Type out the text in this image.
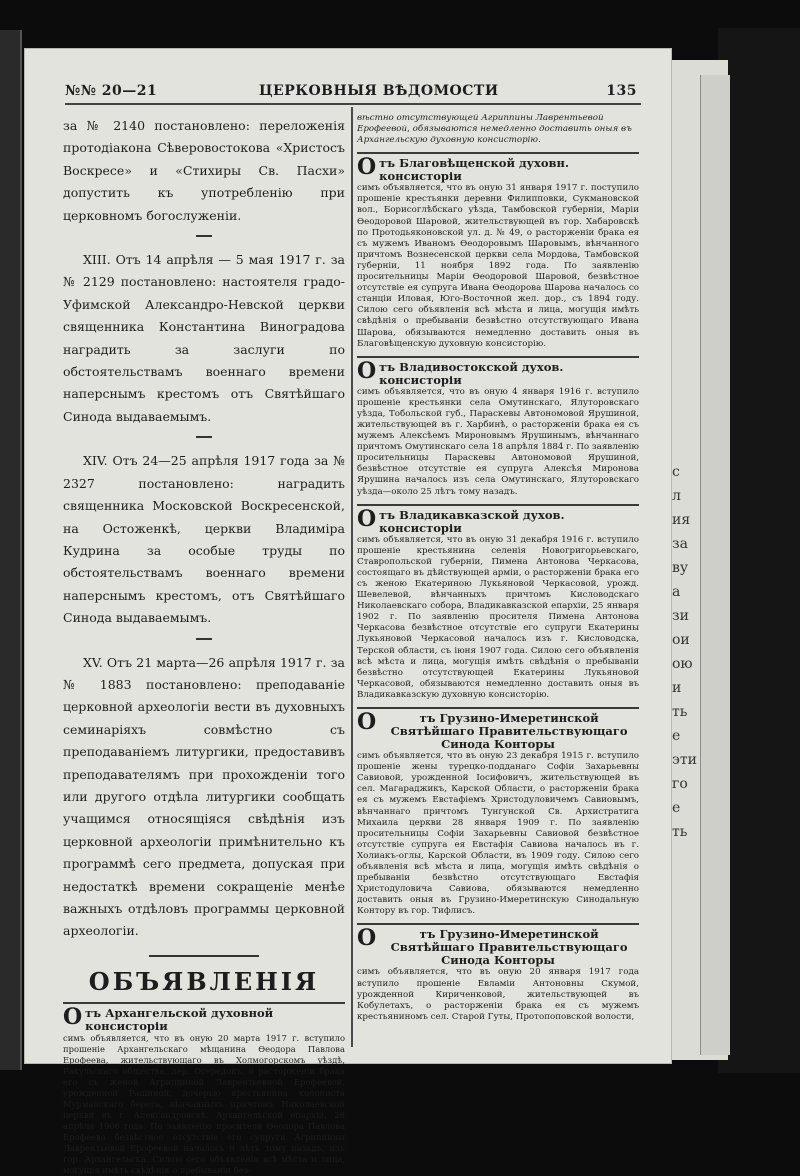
с
л
ия
за
ву
а
зи
ои
ою
и
ть
е
эти
го
е
ть
№№ 20—21	ЦЕРКОВНЫЯ ВѢДОМОСТИ	135

за № 2140 постановлено: переложенія протодіакона Сѣверовостокова «Христосъ Воскресе» и «Стихиры Св. Пасхи» допустить къ употребленію при церковномъ богослуженіи.

XIII. Отъ 14 апрѣля — 5 мая 1917 г. за № 2129 постановлено: настоятеля градо-Уфимской Александро-Невской церкви священника Константина Виноградова наградить за заслуги по обстоятельствамъ военнаго времени наперснымъ крестомъ отъ Святѣйшаго Синода выдаваемымъ.

XIV. Отъ 24—25 апрѣля 1917 года за № 2327 постановлено: наградить священника Московской Воскресенской, на Остоженкѣ, церкви Владиміра Кудрина за особые труды по обстоятельствамъ военнаго времени наперснымъ крестомъ, отъ Святѣйшаго Синода выдаваемымъ.

XV. Отъ 21 марта—26 апрѣля 1917 г. за № 1883 постановлено: преподаваніе церковной археологіи вести въ духовныхъ семинаріяхъ совмѣстно съ преподаваніемъ литургики, предоставивъ преподавателямъ при прохожденіи того или другого отдѣла литургики сообщать учащимся относящіяся свѣдѣнія изъ церковной археологіи примѣнительно къ программѣ сего предмета, допуская при недостаткѣ времени сокращеніе менѣе важныхъ отдѣловъ программы церковной археологіи.

ОБЪЯВЛЕНІЯ
Отъ Архангельской духовной консисторіи

симъ объявляется, что въ оную 20 марта 1917 г. вступило прошеніе Архангельскаго мѣщанина Ѳеодора Павлова Ерофеева, жительствующаго въ Холмогорскомъ уѣздѣ, Ракульскаго общества, дер. Осередокъ, о расторженіи брака его съ женой Агриппиной Лаврентьевной Ерофеевой, урожденной Рашиной, дочерью крестьянина колониста Мурманскаго берега, вѣнчанныхъ причтомъ Николаевской церкви въ г. Александровскѣ, Архангельской епархіи, 28 апрѣля 1906 года. По заявленію просителя Ѳеодора Павлова Ерофеева безвѣстное отсутствіе его супруги Агриппины Лаврентьевой Ерофеевой началось 9 лѣтъ тому назадъ, изъ гор. Архангельска. Силою сего объявленія всѣ мѣста и лица, могущія имѣть свѣдѣнія о пребываніи без-

вѣстно отсутствующей Агриппины Лаврентьевой Ерофеевой, обязываются немедленно доставить оныя въ Архангельскую духовную консисторію.

Отъ Благовѣщенской духовн. консисторіи

симъ объявляется, что въ оную 31 января 1917 г. поступило прошеніе крестьянки деревни Филипповки, Сукмановской вол., Борисоглѣбскаго уѣзда, Тамбовской губерніи, Маріи Ѳеодоровой Шаровой, жительствующей въ гор. Хабаровскѣ по Протодьяконовской ул. д. № 49, о расторженіи брака ея съ мужемъ Иваномъ Ѳеодоровымъ Шаровымъ, вѣнчанного причтомъ Вознесенской церкви села Мордова, Тамбовской губерніи, 11 ноября 1892 года. По заявленію просительницы Маріи Ѳеодоровой Шаровой, безвѣстное отсутствіе ея супруга Ивана Ѳеодорова Шарова началось со станціи Иловая, Юго-Восточной жел. дор., съ 1894 году. Силою сего объявленія всѣ мѣста и лица, могущія имѣть свѣдѣнія о пребываніи безвѣстно отсутствующаго Ивана Шарова, обязываются немедленно доставить оныя въ Благовѣщенскую духовную консисторію.

Отъ Владивостокской духов. консисторіи

симъ объявляется, что въ оную 4 января 1916 г. вступило прошеніе крестьянки села Омутинскаго, Ялуторовскаго уѣзда, Тобольской губ., Параскевы Автономовой Ярушиной, жительствующей въ г. Харбинѣ, о расторженіи брака ея съ мужемъ Алексѣемъ Мироновымъ Ярушинымъ, вѣнчаннаго причтомъ Омутинскаго села 18 апрѣля 1884 г. По заявленію просительницы Параскевы Автономовой Ярушиной, безвѣстное отсутствіе ея супруга Алексѣя Миронова Ярушина началось изъ села Омутинскаго, Ялуторовскаго уѣзда—около 25 лѣтъ тому назадъ.

Отъ Владикавказской духов. консисторіи

симъ объявляется, что въ оную 31 декабря 1916 г. вступило прошеніе крестьянина селенія Новогригорьевскаго, Ставропольской губерніи, Пимена Антонова Черкасова, состоящаго въ дѣйствующей арміи, о расторженіи брака его съ женою Екатериною Лукьяновой Черкасовой, урожд. Шевелевой, вѣнчанныхъ причтомъ Кисловодскаго Николаевскаго собора, Владикавказской епархіи, 25 января 1902 г. По заявленію просителя Пимена Антонова Черкасова безвѣстное отсутствіе его супруги Екатерины Лукьяновой Черкасовой началось изъ г. Кисловодска, Терской области, съ іюня 1907 года. Силою сего объявленія всѣ мѣста и лица, могущія имѣть свѣдѣнія о пребываніи безвѣстно отсутствующей Екатерины Лукьяновой Черкасовой, обязываются немедленно доставить оныя въ Владикавказскую духовную консисторію.

О	тъ Грузино-Имеретинской Святѣйшаго Правительствующаго Синода Конторы

симъ объявляется, что въ оную 23 декабря 1915 г. вступило прошеніе жены турецко-подданаго Софіи Захарьевны Савиовой, урожденной Іосифовичъ, жительствующей въ сел. Магараджикъ, Карской Области, о расторженіи брака ея съ мужемъ Евстафіемъ Христодуловичемъ Савиовымъ, вѣнчаннаго причтомъ Тунгунской Св. Архистратига Михаила церкви 28 января 1909 г. По заявленію просительницы Софіи Захарьевны Савиовой безвѣстное отсутствіе супруга ея Евстафія Савиова началось въ г. Холиакъ-оглы, Карской Области, въ 1909 году. Силою сего объявленія всѣ мѣста и лица, могущія имѣть свѣдѣнія о пребываніи безвѣстно отсутствующаго Евстафія Христодуловича Савиова, обязываются немедленно доставить оныя въ Грузино-Имеретинскую Синодальную Контору въ гор. Тифлисъ.

О	тъ Грузино-Имеретинской Святѣйшаго Правительствующаго Синода Конторы

симъ объявляется, что въ оную 20 января 1917 года вступило прошеніе Евламіи Антоновны Скумой, урожденной Кириченковой, жительствующей въ Кобулетахъ, о расторженіи брака ея съ мужемъ крестьяниномъ сел. Старой Гуты, Протопоповской волости,
